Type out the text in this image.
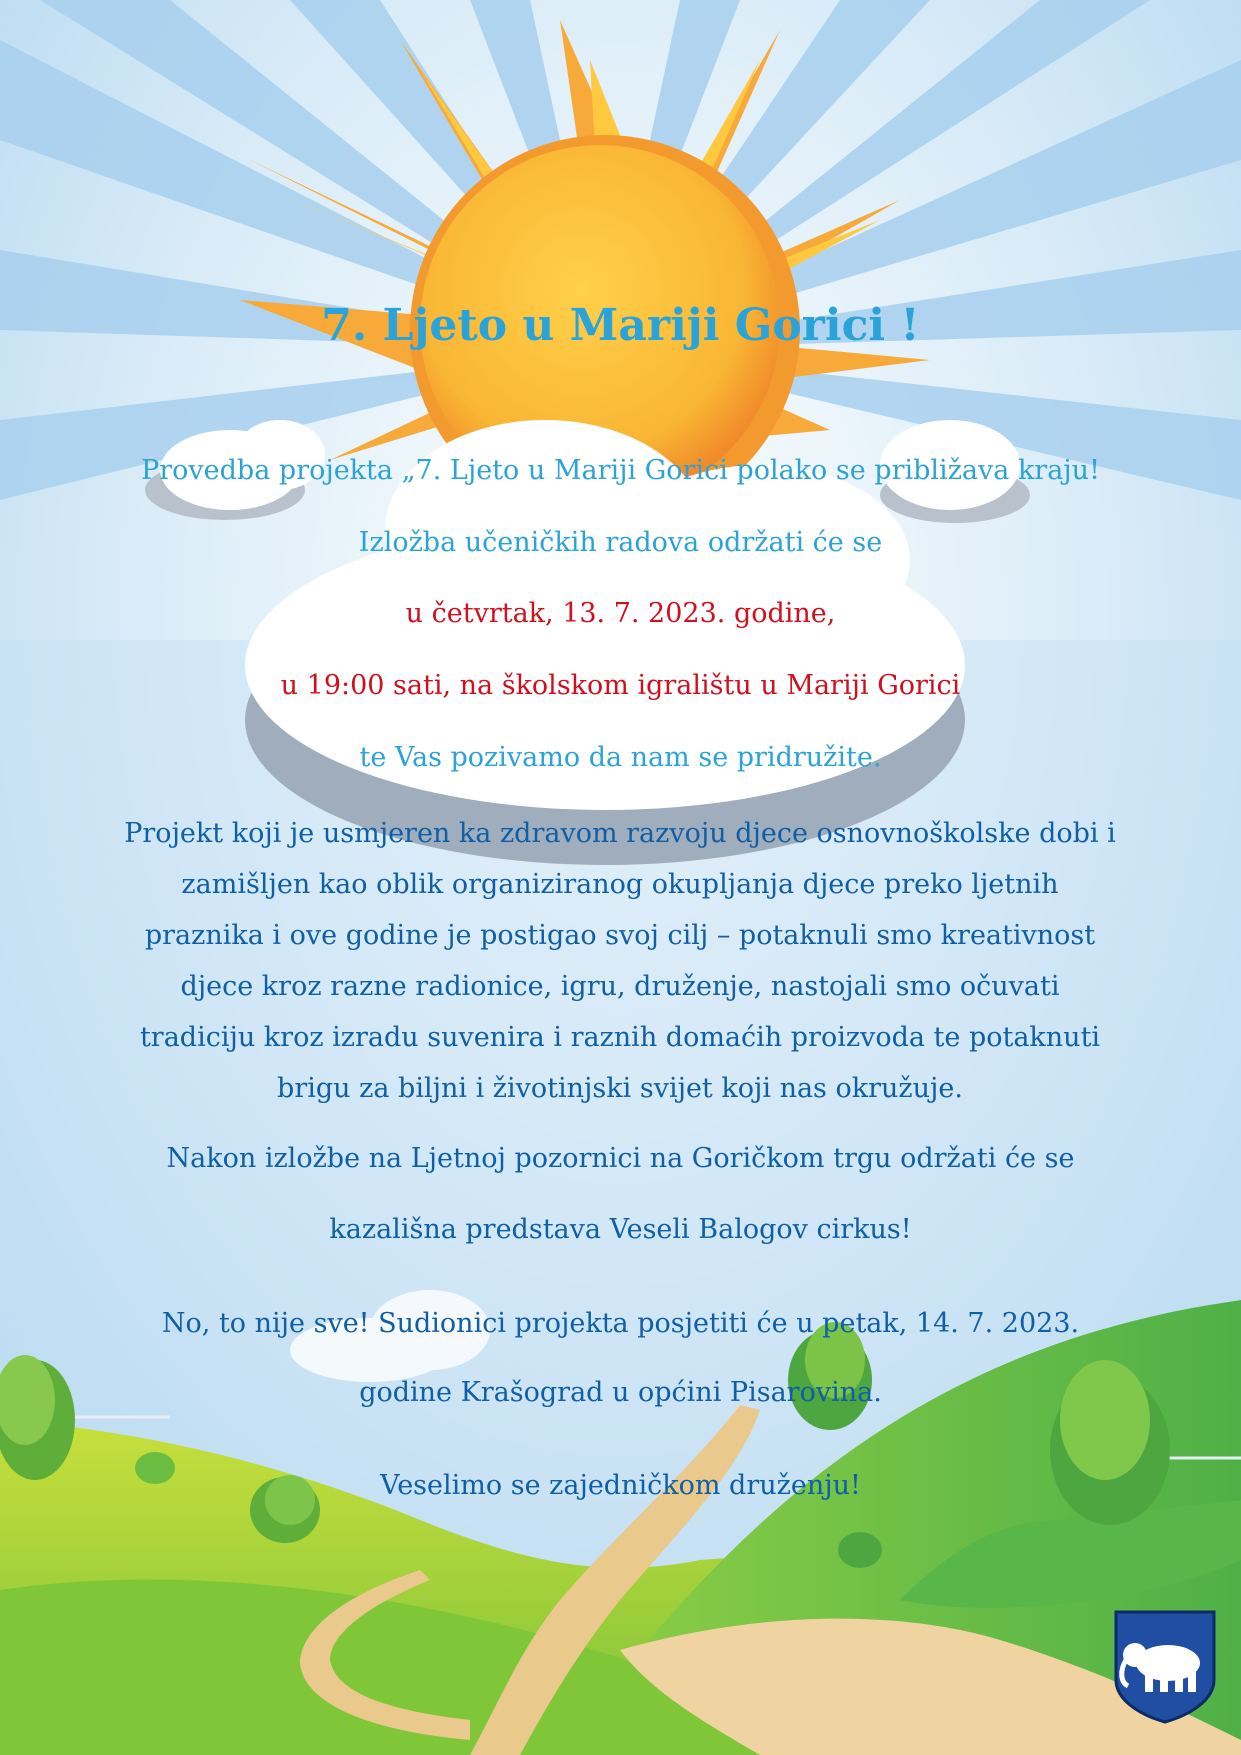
7. Ljeto u Mariji Gorici !

Provedba projekta „7. Ljeto u Mariji Gorici polako se približava kraju!

Izložba učeničkih radova održati će se

u četvrtak, 13. 7. 2023. godine,

u 19:00 sati, na školskom igralištu u Mariji Gorici

te Vas pozivamo da nam se pridružite.

Projekt koji je usmjeren ka zdravom razvoju djece osnovnoškolske dobi i
zamišljen kao oblik organiziranog okupljanja djece preko ljetnih
praznika i ove godine je postigao svoj cilj – potaknuli smo kreativnost
djece kroz razne radionice, igru, druženje, nastojali smo očuvati
tradiciju kroz izradu suvenira i raznih domaćih proizvoda te potaknuti
brigu za biljni i životinjski svijet koji nas okružuje.

Nakon izložbe na Ljetnoj pozornici na Goričkom trgu održati će se

kazališna predstava Veseli Balogov cirkus!

No, to nije sve! Sudionici projekta posjetiti će u petak, 14. 7. 2023.

godine Krašograd u općini Pisarovina.

Veselimo se zajedničkom druženju!
